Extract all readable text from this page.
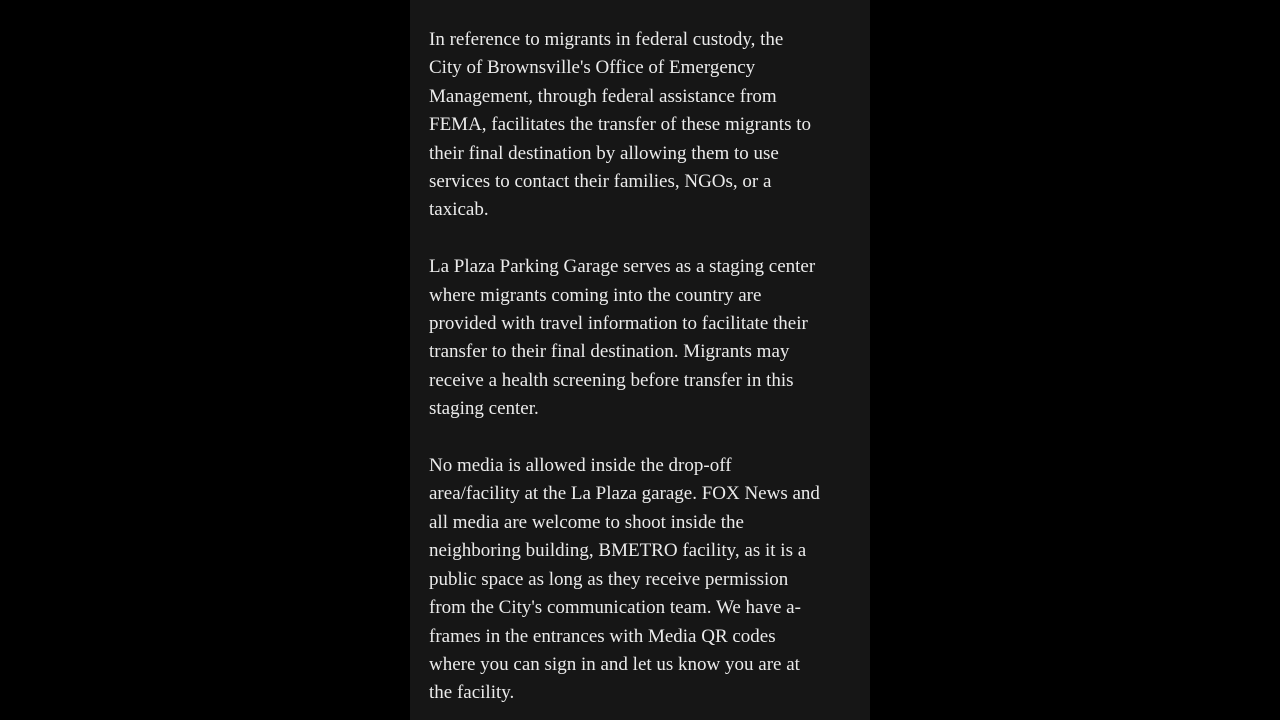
In reference to migrants in federal custody, the
City of Brownsville's Office of Emergency
Management, through federal assistance from
FEMA, facilitates the transfer of these migrants to
their final destination by allowing them to use
services to contact their families, NGOs, or a
taxicab.

La Plaza Parking Garage serves as a staging center
where migrants coming into the country are
provided with travel information to facilitate their
transfer to their final destination. Migrants may
receive a health screening before transfer in this
staging center.

No media is allowed inside the drop-off
area/facility at the La Plaza garage. FOX News and
all media are welcome to shoot inside the
neighboring building, BMETRO facility, as it is a
public space as long as they receive permission
from the City's communication team. We have a-
frames in the entrances with Media QR codes
where you can sign in and let us know you are at
the facility.
